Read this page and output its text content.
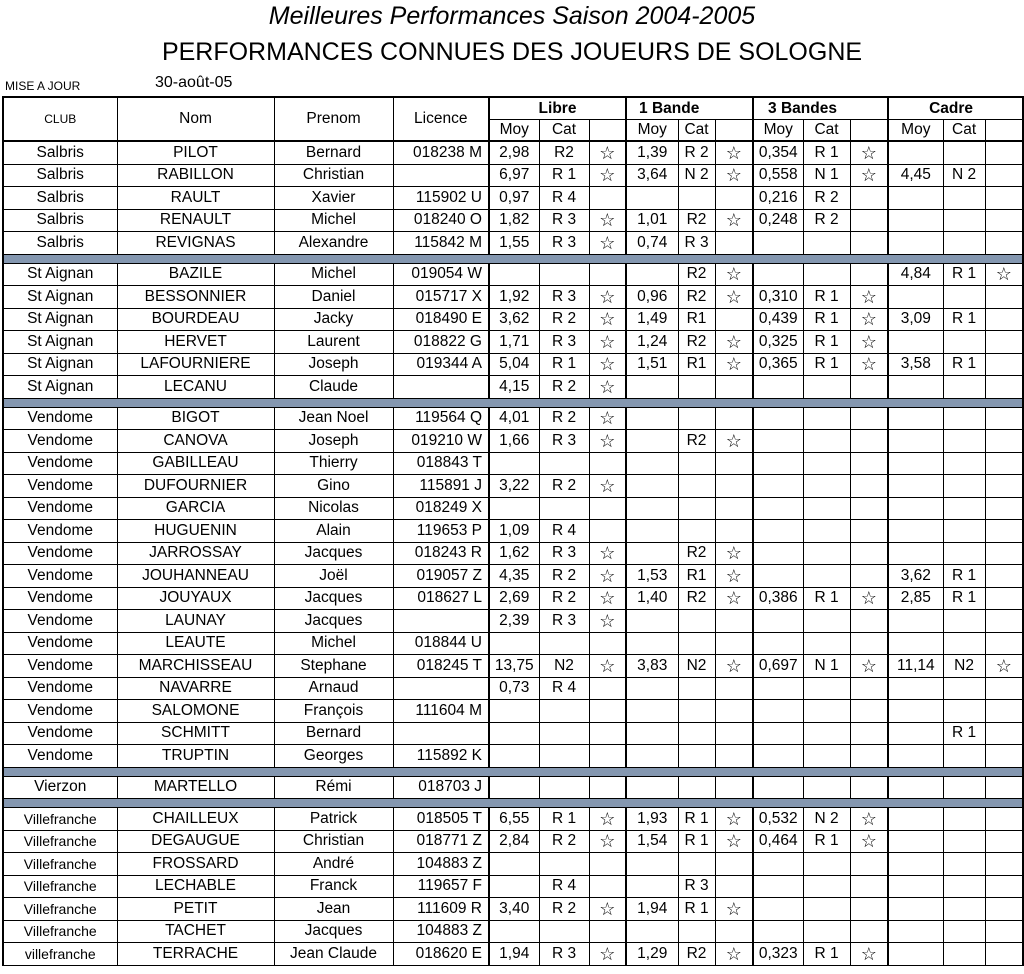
Meilleures Performances Saison 2004-2005
PERFORMANCES CONNUES DES JOUEURS DE SOLOGNE
MISE A JOUR	30-août-05
CLUB	Nom	Prenom	Licence	Libre			1 Bande			3 Bandes			Cadre		
				Moy	Cat		Moy	Cat		Moy	Cat		Moy	Cat	
Salbris	PILOT	Bernard	018238 M	2,98	R2	☆	1,39	R 2	☆	0,354	R 1	☆			
Salbris	RABILLON	Christian		6,97	R 1	☆	3,64	N 2	☆	0,558	N 1	☆	4,45	N 2	
Salbris	RAULT	Xavier	115902 U	0,97	R 4					0,216	R 2				
Salbris	RENAULT	Michel	018240 O	1,82	R 3	☆	1,01	R2	☆	0,248	R 2				
Salbris	REVIGNAS	Alexandre	115842 M	1,55	R 3	☆	0,74	R 3							

St Aignan	BAZILE	Michel	019054 W					R2	☆				4,84	R 1	☆
St Aignan	BESSONNIER	Daniel	015717 X	1,92	R 3	☆	0,96	R2	☆	0,310	R 1	☆			
St Aignan	BOURDEAU	Jacky	018490 E	3,62	R 2	☆	1,49	R1		0,439	R 1	☆	3,09	R 1	
St Aignan	HERVET	Laurent	018822 G	1,71	R 3	☆	1,24	R2	☆	0,325	R 1	☆			
St Aignan	LAFOURNIERE	Joseph	019344 A	5,04	R 1	☆	1,51	R1	☆	0,365	R 1	☆	3,58	R 1	
St Aignan	LECANU	Claude		4,15	R 2	☆									

Vendome	BIGOT	Jean Noel	119564 Q	4,01	R 2	☆									
Vendome	CANOVA	Joseph	019210 W	1,66	R 3	☆		R2	☆						
Vendome	GABILLEAU	Thierry	018843 T												
Vendome	DUFOURNIER	Gino	115891 J	3,22	R 2	☆									
Vendome	GARCIA	Nicolas	018249 X												
Vendome	HUGUENIN	Alain	119653 P	1,09	R 4										
Vendome	JARROSSAY	Jacques	018243 R	1,62	R 3	☆		R2	☆						
Vendome	JOUHANNEAU	Joël	019057 Z	4,35	R 2	☆	1,53	R1	☆				3,62	R 1	
Vendome	JOUYAUX	Jacques	018627 L	2,69	R 2	☆	1,40	R2	☆	0,386	R 1	☆	2,85	R 1	
Vendome	LAUNAY	Jacques		2,39	R 3	☆									
Vendome	LEAUTE	Michel	018844 U												
Vendome	MARCHISSEAU	Stephane	018245 T	13,75	N2	☆	3,83	N2	☆	0,697	N 1	☆	11,14	N2	☆
Vendome	NAVARRE	Arnaud		0,73	R 4										
Vendome	SALOMONE	François	111604 M												
Vendome	SCHMITT	Bernard												R 1	
Vendome	TRUPTIN	Georges	115892 K												

Vierzon	MARTELLO	Rémi	018703 J												

Villefranche	CHAILLEUX	Patrick	018505 T	6,55	R 1	☆	1,93	R 1	☆	0,532	N 2	☆			
Villefranche	DEGAUGUE	Christian	018771 Z	2,84	R 2	☆	1,54	R 1	☆	0,464	R 1	☆			
Villefranche	FROSSARD	André	104883 Z												
Villefranche	LECHABLE	Franck	119657 F		R 4			R 3							
Villefranche	PETIT	Jean	111609 R	3,40	R 2	☆	1,94	R 1	☆						
Villefranche	TACHET	Jacques	104883 Z												
villefranche	TERRACHE	Jean Claude	018620 E	1,94	R 3	☆	1,29	R2	☆	0,323	R 1	☆			
